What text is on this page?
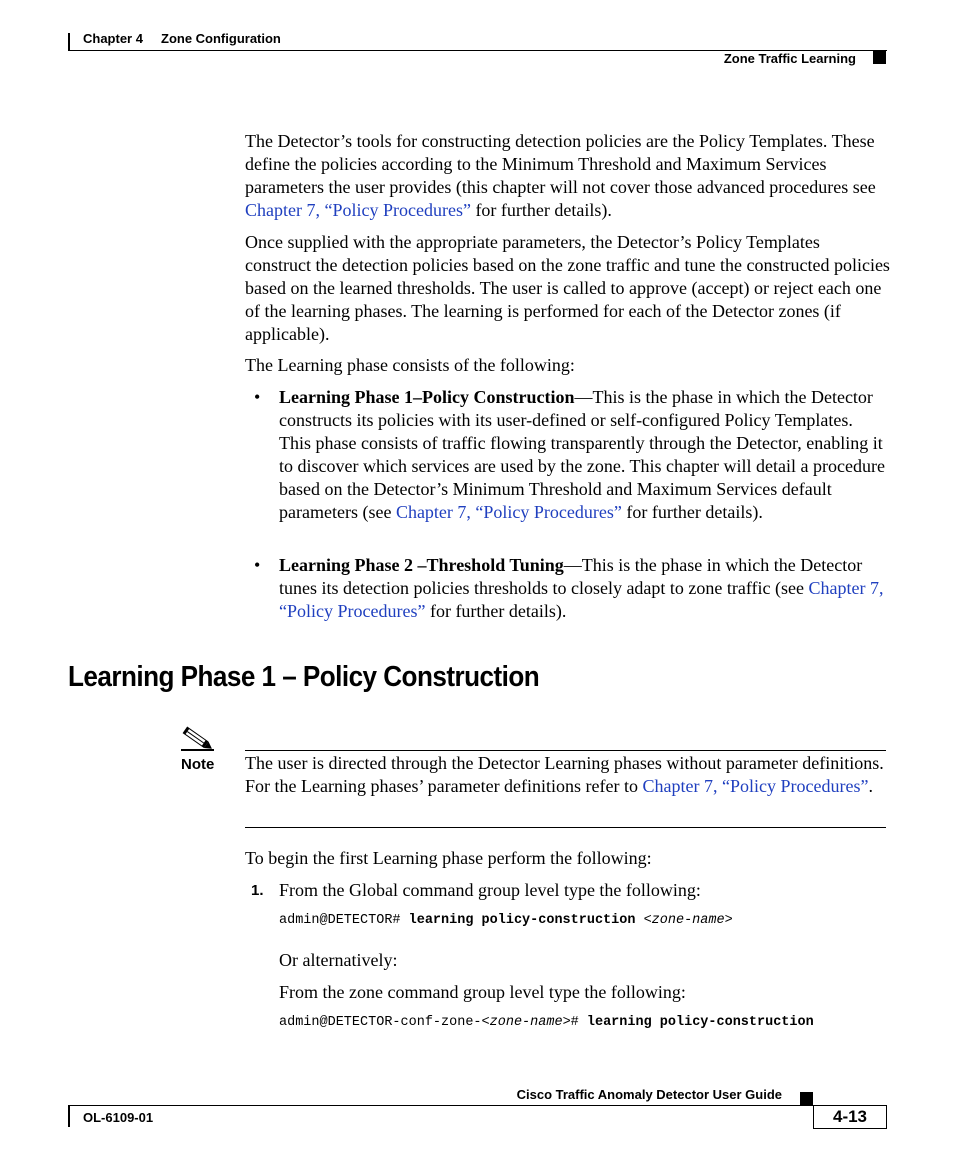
Chapter 4 Zone Configuration
Zone Traffic Learning

The Detector’s tools for constructing detection policies are the Policy Templates. These define the policies according to the Minimum Threshold and Maximum Services parameters the user provides (this chapter will not cover those advanced procedures see Chapter 7, “Policy Procedures” for further details).

Once supplied with the appropriate parameters, the Detector’s Policy Templates construct the detection policies based on the zone traffic and tune the constructed policies based on the learned thresholds. The user is called to approve (accept) or reject each one of the learning phases. The learning is performed for each of the Detector zones (if applicable).

The Learning phase consists of the following:

• Learning Phase 1–Policy Construction—This is the phase in which the Detector constructs its policies with its user-defined or self-configured Policy Templates. This phase consists of traffic flowing transparently through the Detector, enabling it to discover which services are used by the zone. This chapter will detail a procedure based on the Detector’s Minimum Threshold and Maximum Services default parameters (see Chapter 7, “Policy Procedures” for further details).

• Learning Phase 2 –Threshold Tuning—This is the phase in which the Detector tunes its detection policies thresholds to closely adapt to zone traffic (see Chapter 7, “Policy Procedures” for further details).

Learning Phase 1 – Policy Construction
Note The user is directed through the Detector Learning phases without parameter definitions. For the Learning phases’ parameter definitions refer to Chapter 7, “Policy Procedures”.

To begin the first Learning phase perform the following:

1. From the Global command group level type the following:

admin@DETECTOR# learning policy-construction <zone-name>

Or alternatively:

From the zone command group level type the following:

admin@DETECTOR-conf-zone-<zone-name># learning policy-construction
Cisco Traffic Anomaly Detector User Guide
OL-6109-01	4-13
